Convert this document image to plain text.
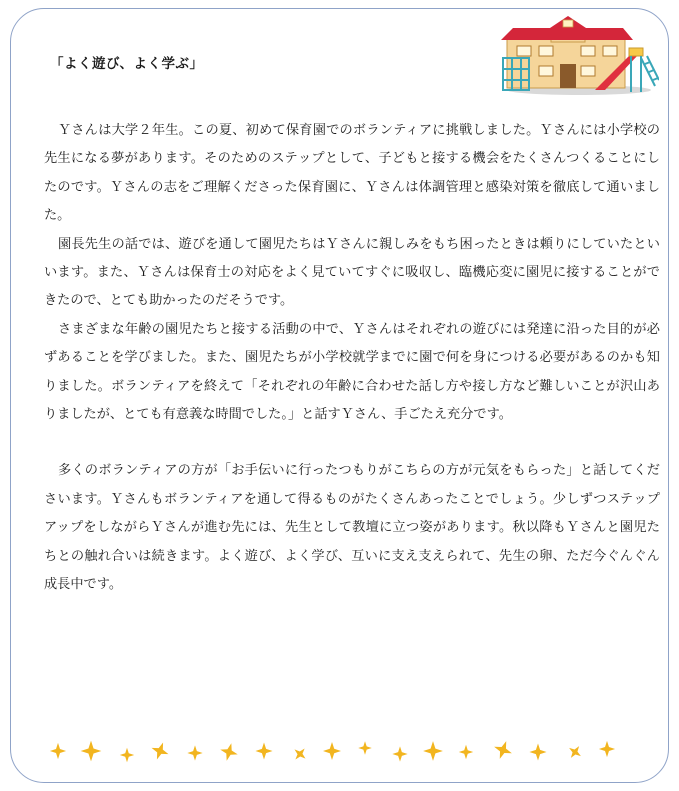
「よく遊び、よく学ぶ」

Ｙさんは大学２年生。この夏、初めて保育園でのボランティアに挑戦しました。Ｙさんには小学校の先生になる夢があります。そのためのステップとして、子どもと接する機会をたくさんつくることにしたのです。Ｙさんの志をご理解くださった保育園に、Ｙさんは体調管理と感染対策を徹底して通いました。

園長先生の話では、遊びを通して園児たちはＹさんに親しみをもち困ったときは頼りにしていたといいます。また、Ｙさんは保育士の対応をよく見ていてすぐに吸収し、臨機応変に園児に接することができたので、とても助かったのだそうです。

さまざまな年齢の園児たちと接する活動の中で、Ｙさんはそれぞれの遊びには発達に沿った目的が必ずあることを学びました。また、園児たちが小学校就学までに園で何を身につける必要があるのかも知りました。ボランティアを終えて「それぞれの年齢に合わせた話し方や接し方など難しいことが沢山ありましたが、とても有意義な時間でした。」と話すＹさん、手ごたえ充分です。

多くのボランティアの方が「お手伝いに行ったつもりがこちらの方が元気をもらった」と話してくださいます。Ｙさんもボランティアを通して得るものがたくさんあったことでしょう。少しずつステップアップをしながらＹさんが進む先には、先生として教壇に立つ姿があります。秋以降もＹさんと園児たちとの触れ合いは続きます。よく遊び、よく学び、互いに支え支えられて、先生の卵、ただ今ぐんぐん成長中です。
